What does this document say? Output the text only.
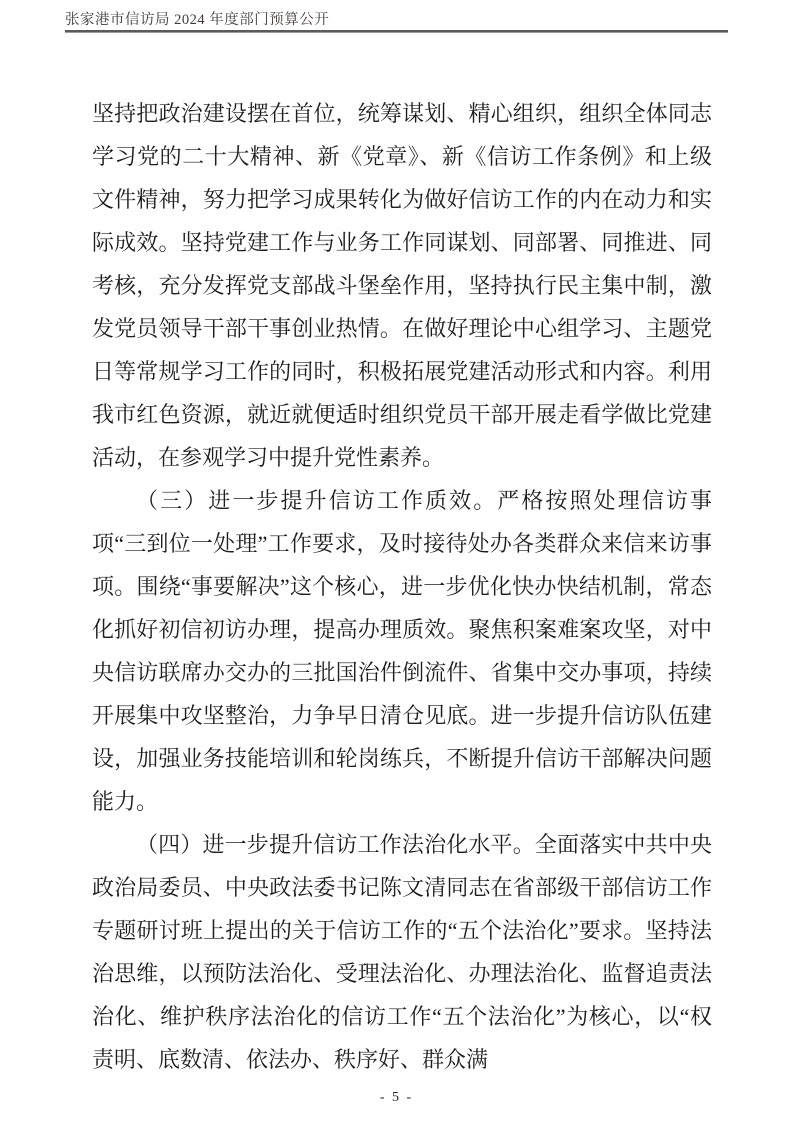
张家港市信访局 2024 年度部门预算公开

坚持把政治建设摆在首位，统筹谋划、精心组织，组织全体同志学习党的二十大精神、新《党章》、新《信访工作条例》和上级文件精神，努力把学习成果转化为做好信访工作的内在动力和实际成效。坚持党建工作与业务工作同谋划、同部署、同推进、同考核，充分发挥党支部战斗堡垒作用，坚持执行民主集中制，激发党员领导干部干事创业热情。在做好理论中心组学习、主题党日等常规学习工作的同时，积极拓展党建活动形式和内容。利用我市红色资源，就近就便适时组织党员干部开展走看学做比党建活动，在参观学习中提升党性素养。

（三）进一步提升信访工作质效。严格按照处理信访事项“三到位一处理”工作要求，及时接待处办各类群众来信来访事项。围绕“事要解决”这个核心，进一步优化快办快结机制，常态化抓好初信初访办理，提高办理质效。聚焦积案难案攻坚，对中央信访联席办交办的三批国治件倒流件、省集中交办事项，持续开展集中攻坚整治，力争早日清仓见底。进一步提升信访队伍建设，加强业务技能培训和轮岗练兵，不断提升信访干部解决问题能力。

（四）进一步提升信访工作法治化水平。全面落实中共中央政治局委员、中央政法委书记陈文清同志在省部级干部信访工作专题研讨班上提出的关于信访工作的“五个法治化”要求。坚持法治思维，以预防法治化、受理法治化、办理法治化、监督追责法治化、维护秩序法治化的信访工作“五个法治化”为核心，以“权责明、底数清、依法办、秩序好、群众满

- 5 -
